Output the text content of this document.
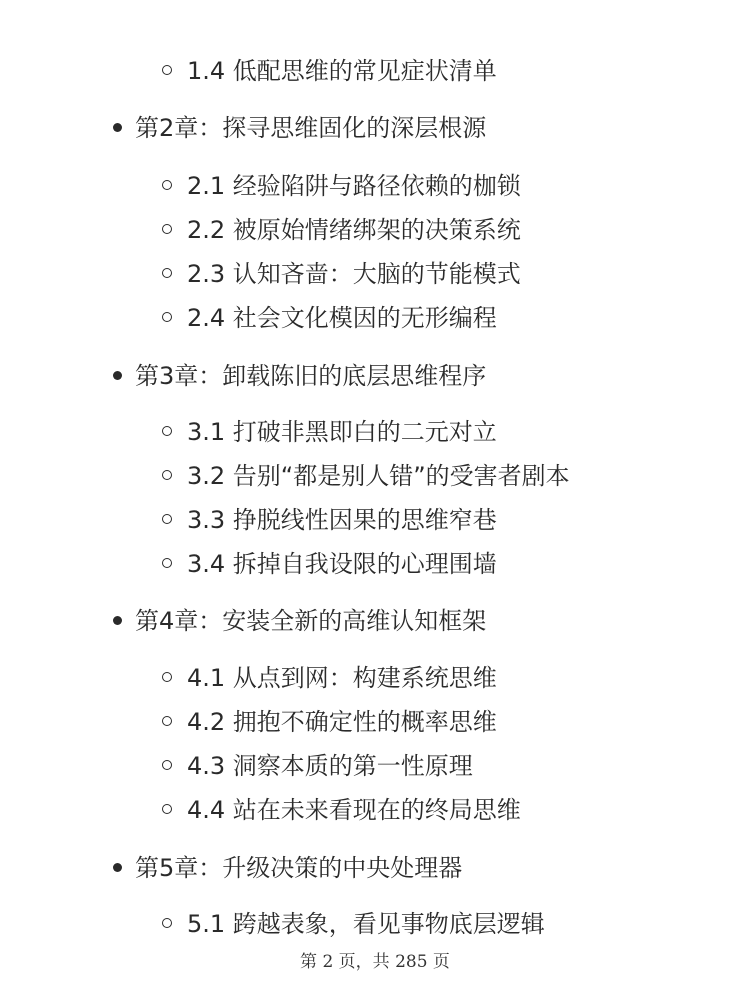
1.4 低配思维的常见症状清单
第2章：探寻思维固化的深层根源
2.1 经验陷阱与路径依赖的枷锁
2.2 被原始情绪绑架的决策系统
2.3 认知吝啬：大脑的节能模式
2.4 社会文化模因的无形编程
第3章：卸载陈旧的底层思维程序
3.1 打破非黑即白的二元对立
3.2 告别“都是别人错”的受害者剧本
3.3 挣脱线性因果的思维窄巷
3.4 拆掉自我设限的心理围墙
第4章：安装全新的高维认知框架
4.1 从点到网：构建系统思维
4.2 拥抱不确定性的概率思维
4.3 洞察本质的第一性原理
4.4 站在未来看现在的终局思维
第5章：升级决策的中央处理器
5.1 跨越表象，看见事物底层逻辑
第 2 页，共 285 页
